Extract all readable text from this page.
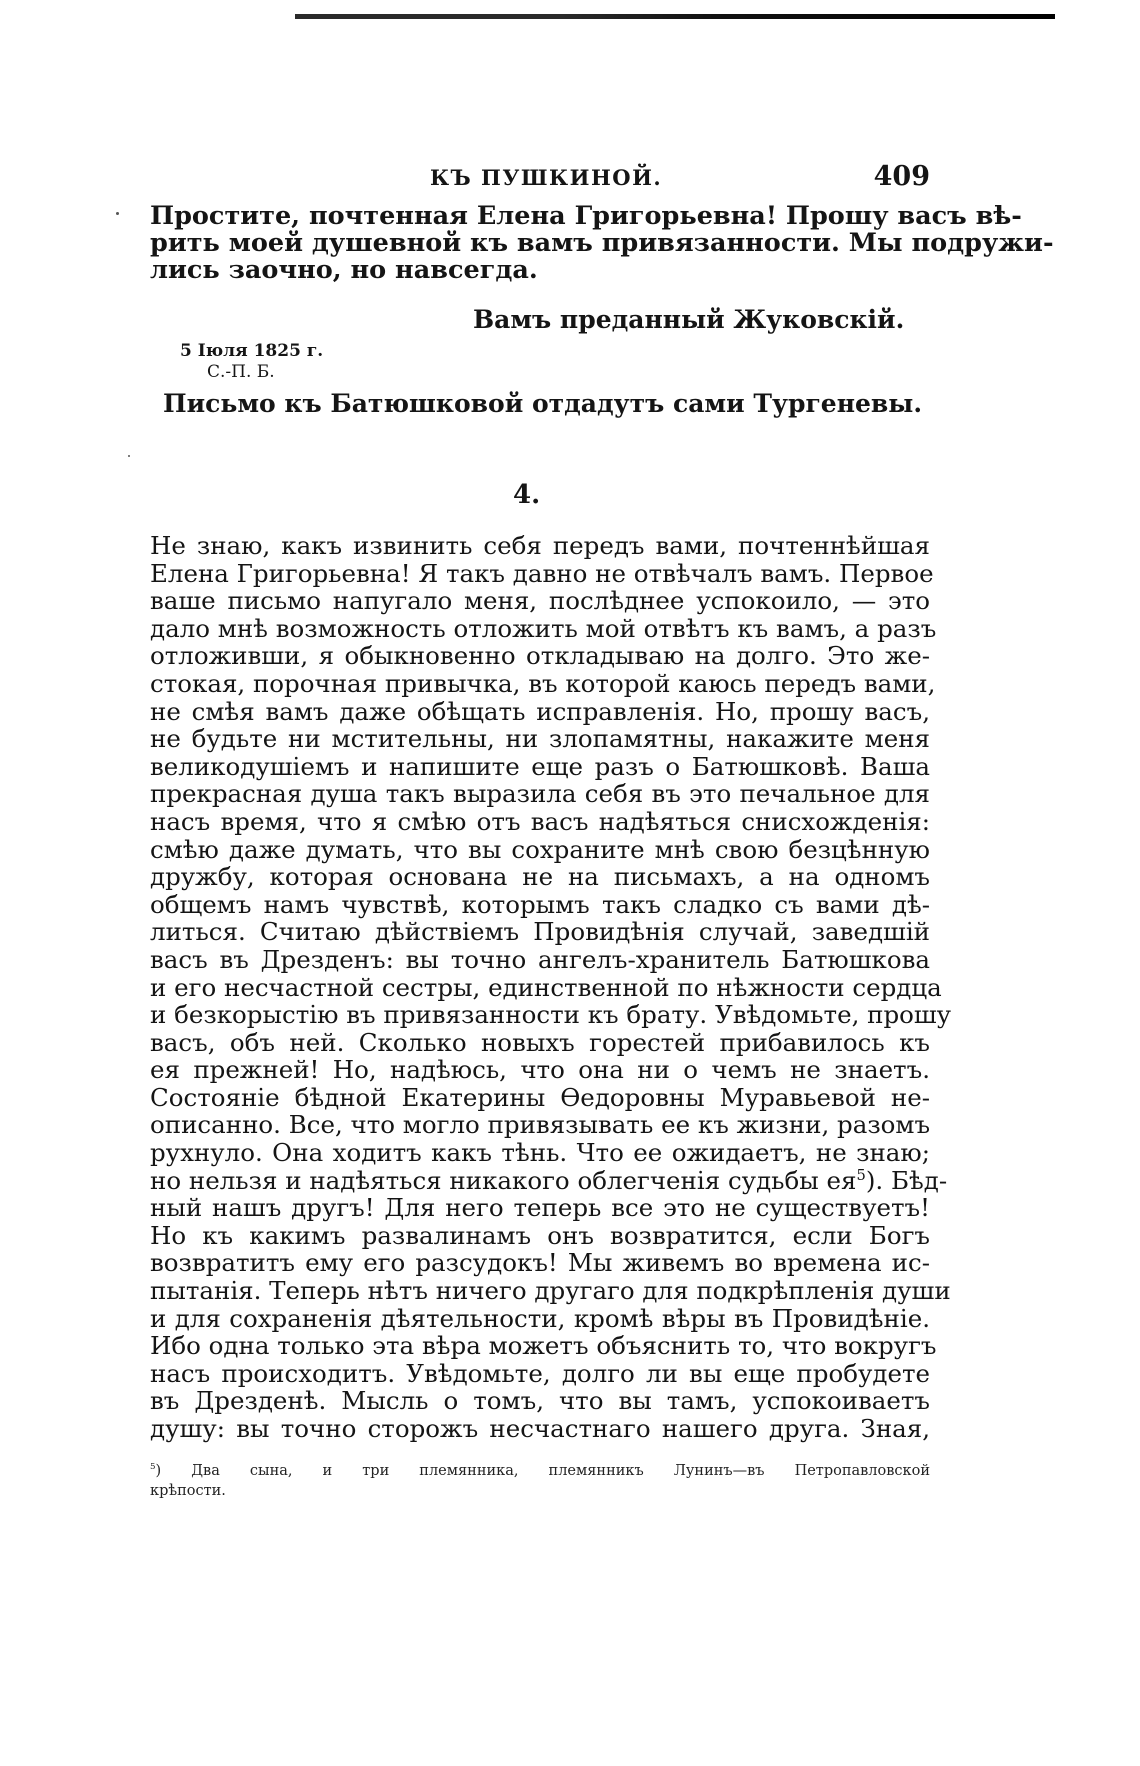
КЪ ПУШКИНОЙ.	409
Простите, почтенная Елена Григорьевна! Прошу васъ вѣ-
рить моей душевной къ вамъ привязанности. Мы подружи-
лись заочно, но навсегда.
Вамъ преданный Жуковскій.
5 Іюля 1825 г.
С.-П. Б.
Письмо къ Батюшковой отдадутъ сами Тургеневы.
4.
Не знаю, какъ извинить себя передъ вами, почтеннѣйшая
Елена Григорьевна! Я такъ давно не отвѣчалъ вамъ. Первое
ваше письмо напугало меня, послѣднее успокоило, — это
дало мнѣ возможность отложить мой отвѣтъ къ вамъ, а разъ
отложивши, я обыкновенно откладываю на долго. Это же-
стокая, порочная привычка, въ которой каюсь передъ вами,
не смѣя вамъ даже обѣщать исправленія. Но, прошу васъ,
не будьте ни мстительны, ни злопамятны, накажите меня
великодушіемъ и напишите еще разъ о Батюшковѣ. Ваша
прекрасная душа такъ выразила себя въ это печальное для
насъ время, что я смѣю отъ васъ надѣяться снисхожденія:
смѣю даже думать, что вы сохраните мнѣ свою безцѣнную
дружбу, которая основана не на письмахъ, а на одномъ
общемъ намъ чувствѣ, которымъ такъ сладко съ вами дѣ-
литься. Считаю дѣйствіемъ Провидѣнія случай, заведшій
васъ въ Дрезденъ: вы точно ангелъ-хранитель Батюшкова
и его несчастной сестры, единственной по нѣжности сердца
и безкорыстію въ привязанности къ брату. Увѣдомьте, прошу
васъ, объ ней. Сколько новыхъ горестей прибавилось къ
ея прежней! Но, надѣюсь, что она ни о чемъ не знаетъ.
Состояніе бѣдной Екатерины Ѳедоровны Муравьевой не-
описанно. Все, что могло привязывать ее къ жизни, разомъ
рухнуло. Она ходитъ какъ тѣнь. Что ее ожидаетъ, не знаю;
но нельзя и надѣяться никакого облегченія судьбы $ея^5$). Бѣд-
ный нашъ другъ! Для него теперь все это не существуетъ!
Но къ какимъ развалинамъ онъ возвратится, если Богъ
возвратитъ ему его разсудокъ! Мы живемъ во времена ис-
пытанія. Теперь нѣтъ ничего другаго для подкрѣпленія души
и для сохраненія дѣятельности, кромѣ вѣры въ Провидѣніе.
Ибо одна только эта вѣра можетъ объяснить то, что вокругъ
насъ происходитъ. Увѣдомьте, долго ли вы еще пробудете
въ Дрезденѣ. Мысль о томъ, что вы тамъ, успокоиваетъ
душу: вы точно сторожъ несчастнаго нашего друга. Зная,
$^5$) Два сына, и три племянника, племянникъ Лунинъ—въ Петропавловской
крѣпости.
